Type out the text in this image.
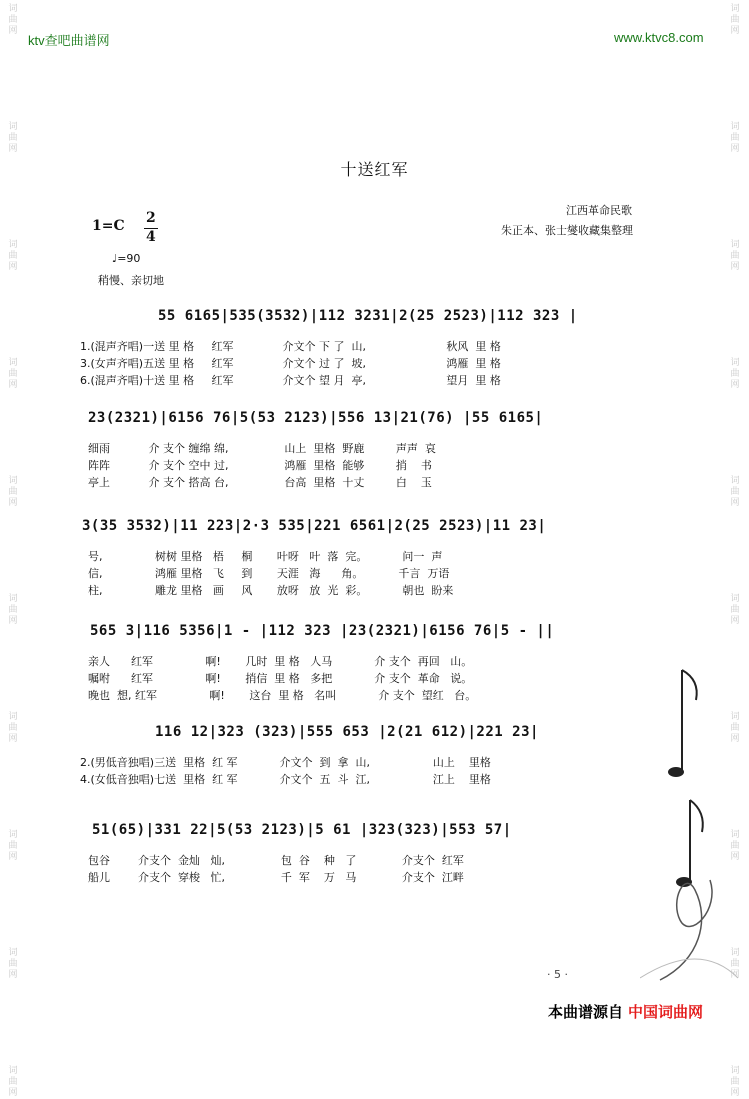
ktv查吧曲谱网	www.ktvc8.com
词
曲
网
词
曲
网
词
曲
网
词
曲
网
词
曲
网
词
曲
网
词
曲
网
词
曲
网
词
曲
网
词
曲
网
词
曲
网
词
曲
网
词
曲
网
词
曲
网
词
曲
网
词
曲
网
词
曲
网
词
曲
网
词
曲
网
词
曲
网
十送红军
江西革命民歌
朱正本、张士燮收藏集整理
1=C 2
4
♩=90
稍慢、亲切地
55 6165|535(3532)|112 3231|2(25 2523)|112 323 |
1.(混声齐唱)一送 里 格     红军              介文个 下 了  山,                       秋风  里 格
3.(女声齐唱)五送 里 格     红军              介文个 过 了  坡,                       鸿雁  里 格
6.(混声齐唱)十送 里 格     红军              介文个 望 月  亭,                       望月  里 格
23(2321)|6156 76|5(53 2123)|556 13|21(76) |55 6165|
细雨           介 支个 缠绵 绵,                山上  里格  野鹿         声声  哀
阵阵           介 支个 空中 过,                鸿雁  里格  能够         捎    书
亭上           介 支个 搭高 台,                台高  里格  十丈         白    玉
3(35 3532)|11 223|2·3 535|221 6561|2(25 2523)|11 23|
号,               树树 里格   梧     桐       叶呀   叶  落  完。          问一  声
信,               鸿雁 里格   飞     到       天涯   海      角。          千言  万语
柱,               雕龙 里格   画     风       放呀   放  光  彩。          朝也  盼来
565 3|116 5356|1 - |112 323 |23(2321)|6156 76|5 - ||
亲人      红军               啊!       几时  里 格   人马            介 支个  再回   山。
嘱咐      红军               啊!       捎信  里 格   多把            介 支个  革命   说。
晚也  想, 红军               啊!       这台  里 格   名叫            介 支个  望红   台。
116 12|323 (323)|555 653 |2(21 612)|221 23|
2.(男低音独唱)三送  里格  红 军            介文个  到  拿  山,                  山上    里格
4.(女低音独唱)七送  里格  红 军            介文个  五  斗  江,                  江上    里格
51(65)|331 22|5(53 2123)|5 61 |323(323)|553 57|
包谷        介支个  金灿   灿,                包  谷    种   了             介支个  红军
船儿        介支个  穿梭   忙,                千  军    万   马             介支个  江畔
· 5 ·
本曲谱源自 中国词曲网
